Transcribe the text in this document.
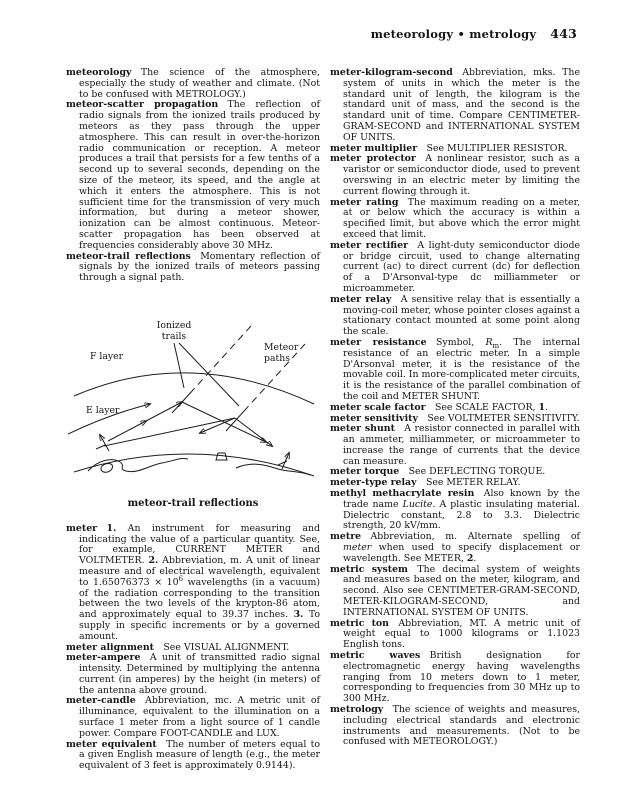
meteorology • metrology 443

meteorology   The science of the atmosphere, especially the study of weather and climate. (Not to be confused with METROLOGY.)

meteor-scatter propagation   The reflection of radio signals from the ionized trails produced by meteors as they pass through the upper atmosphere. This can result in over-the-horizon radio communication or reception. A meteor produces a trail that persists for a few tenths of a second up to several seconds, depending on the size of the meteor, its speed, and the angle at which it enters the atmosphere. This is not sufficient time for the transmission of very much information, but during a meteor shower, ionization can be almost continuous. Meteor-scatter propagation has been observed at frequencies considerably above 30 MHz.

meteor-trail reflections   Momentary reflection of signals by the ionized trails of meteors passing through a signal path.

Ionized
trails
F layer
Meteor
paths
E layer
meteor-trail reflections

meter   1. An instrument for measuring and indicating the value of a particular quantity. See, for example, CURRENT METER and VOLTMETER. 2. Abbreviation, m. A unit of linear measure and of electrical wavelength, equivalent to $1.65076373 \times 10^6$ wavelengths (in a vacuum) of the radiation corresponding to the transition between the two levels of the krypton-86 atom, and approximately equal to 39.37 inches. 3. To supply in specific increments or by a governed amount.

meter alignment   See VISUAL ALIGNMENT.

meter-ampere   A unit of transmitted radio signal intensity. Determined by multiplying the antenna current (in amperes) by the height (in meters) of the antenna above ground.

meter-candle   Abbreviation, mc. A metric unit of illuminance, equivalent to the illumination on a surface 1 meter from a light source of 1 candle power. Compare FOOT-CANDLE and LUX.

meter equivalent   The number of meters equal to a given English measure of length (e.g., the meter equivalent of 3 feet is approximately 0.9144).

meter-kilogram-second   Abbreviation, mks. The system of units in which the meter is the standard unit of length, the kilogram is the standard unit of mass, and the second is the standard unit of time. Compare CENTIMETER-GRAM-SECOND and INTERNATIONAL SYSTEM OF UNITS.

meter multiplier   See MULTIPLIER RESISTOR.

meter protector   A nonlinear resistor, such as a varistor or semiconductor diode, used to prevent overswing in an electric meter by limiting the current flowing through it.

meter rating   The maximum reading on a meter, at or below which the accuracy is within a specified limit, but above which the error might exceed that limit.

meter rectifier   A light-duty semiconductor diode or bridge circuit, used to change alternating current (ac) to direct current (dc) for deflection of a D'Arsonval-type dc milliammeter or microammeter.

meter relay   A sensitive relay that is essentially a moving-coil meter, whose pointer closes against a stationary contact mounted at some point along the scale.

meter resistance   Symbol, $R_m$. The internal resistance of an electric meter. In a simple D'Arsonval meter, it is the resistance of the movable coil. In more-complicated meter circuits, it is the resistance of the parallel combination of the coil and METER SHUNT.

meter scale factor   See SCALE FACTOR, 1.

meter sensitivity   See VOLTMETER SENSITIVITY.

meter shunt   A resistor connected in parallel with an ammeter, milliammeter, or microammeter to increase the range of currents that the device can measure.

meter torque   See DEFLECTING TORQUE.

meter-type relay   See METER RELAY.

methyl methacrylate resin   Also known by the trade name Lucite. A plastic insulating material. Dielectric constant, 2.8 to 3.3. Dielectric strength, 20 kV/mm.

metre   Abbreviation, m. Alternate spelling of meter when used to specify displacement or wavelength. See METER, 2.

metric system   The decimal system of weights and measures based on the meter, kilogram, and second. Also see CENTIMETER-GRAM-SECOND, METER-KILOGRAM-SECOND, and INTERNATIONAL SYSTEM OF UNITS.

metric ton   Abbreviation, MT. A metric unit of weight equal to 1000 kilograms or 1.1023 English tons.

metric waves   British designation for electromagnetic energy having wavelengths ranging from 10 meters down to 1 meter, corresponding to frequencies from 30 MHz up to 300 MHz.

metrology   The science of weights and measures, including electrical standards and electronic instruments and measurements. (Not to be confused with METEOROLOGY.)
